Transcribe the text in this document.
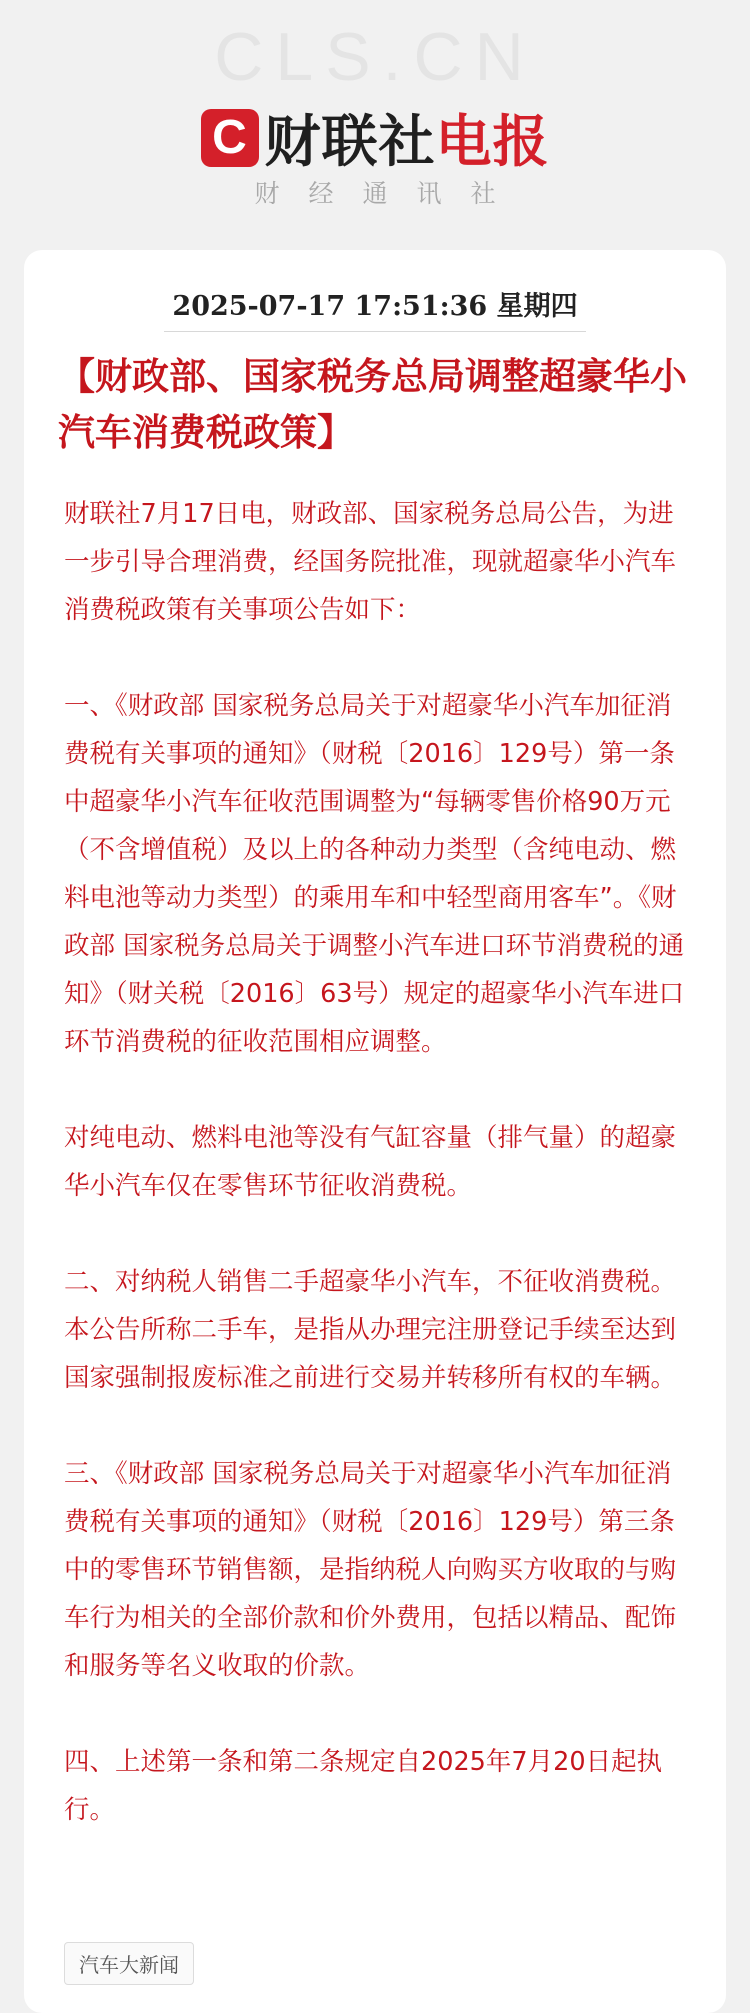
CLS.CN
C 财联社 电报
财经通讯社
2025-07-17 17:51:36 星期四
【财政部、国家税务总局调整超豪华小汽车消费税政策】

财联社7月17日电，财政部、国家税务总局公告，为进一步引导合理消费，经国务院批准，现就超豪华小汽车消费税政策有关事项公告如下：

一、《财政部 国家税务总局关于对超豪华小汽车加征消费税有关事项的通知》（财税〔2016〕129号）第一条中超豪华小汽车征收范围调整为“每辆零售价格90万元（不含增值税）及以上的各种动力类型（含纯电动、燃料电池等动力类型）的乘用车和中轻型商用客车”。《财政部 国家税务总局关于调整小汽车进口环节消费税的通知》（财关税〔2016〕63号）规定的超豪华小汽车进口环节消费税的征收范围相应调整。

对纯电动、燃料电池等没有气缸容量（排气量）的超豪华小汽车仅在零售环节征收消费税。

二、对纳税人销售二手超豪华小汽车，不征收消费税。本公告所称二手车，是指从办理完注册登记手续至达到国家强制报废标准之前进行交易并转移所有权的车辆。

三、《财政部 国家税务总局关于对超豪华小汽车加征消费税有关事项的通知》（财税〔2016〕129号）第三条中的零售环节销售额，是指纳税人向购买方收取的与购车行为相关的全部价款和价外费用，包括以精品、配饰和服务等名义收取的价款。

四、上述第一条和第二条规定自2025年7月20日起执行。

汽车大新闻
